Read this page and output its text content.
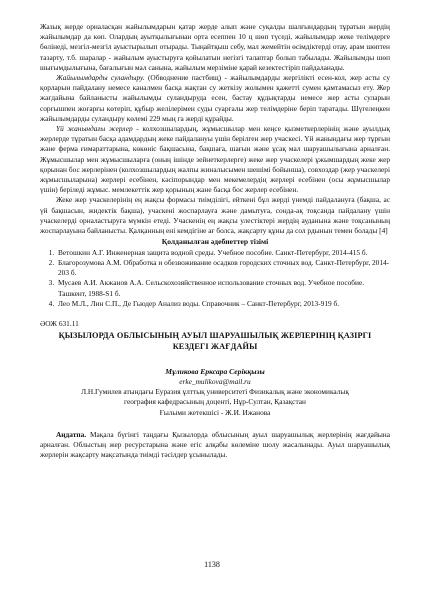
Жазық жерде орналасқан жайылымдарын қатар жерде алып және суқалды шалғындардың тұратын жердің жайылымдар да көп. Олардың ауытқылығынан орта есеппен 10 ц шөп түседі, жайылымдар жеке телімдерге бөлінеді, мезгіл-мезгіл ауыстырылып отырады. Тыңайтқыш себу, мал жемейтін өсімдіктерді отау, арам шөптен тазарту, т.б. шаралар - жайылым ауыстыруға қойылатын негізгі талаптар болып табылады. Жайылымды шөп шығымдылығына, бағалығын мал санына, жайылым мерзіміне қарай кезектестіріп пайдаланады.

Жайылымдарды суландыру. (Обводнение пастбищ) - жайылымдарды жергілікті есен-кол, жер асты су қорларын пайдалану немесе каналмен басқа жақтан су жеткізу жолымен қажетті сумен қамтамасыз ету. Жер жағдайына байланысты жайылымды суландыруда есен, бастау құдықтарды немесе жер асты суларын сорғышпен жоғарғы көтеріп, құбыр желілерімен суды суарғалы жер телімдеріне беріп таратады. Шүгелеңкен жайылымдарды суландыру көлемі 229 мың га жерді құрайды.

Үй жанындағы жерлер - колхозшылардың, жұмысшылар мен кеңсе қызметкерлерінің және ауылдық жерлерде тұратын басқа адамдардың жеке пайдалануы үшін берілген жер учаскесі. Үй жанындағы жер тұрғын және ферма ғимараттарына, көкөніс бақшасына, бақшаға, шағын және ұсақ мал шаруашылығына арналған. Жұмысшылар мен жұмысшыларға (оның ішінде зейнеткерлерге) жеке жер учаскелері ұжымшардың жеке жер қорынан бос жерлерінен (колхозшылардың жалпы жиналысымен шешімі бойынша), совхоздар (жер учаскелері жұмысшыларына) жерлері есебінен, кәсіпорындар мен мекемелердің жерлері есебінен (осы жұмысшылар үшін) беріледі жұмыс. мемлекеттік жер қорының жане басқа бос жерлер есебінен.

Жеке жер учаскелерінің ең жақсы формасы тиімділігі, ейткені бұл жерді үнемді пайдалануға (бақша, ас үй бақшасын, жидектік бақша), учаскені жоспарлауға және дамытуға, сонда-ақ тоқсанда пайдалану үшін учаскелерді орналастыруға мүмкін етеді. Учаскенің ең жақсы улестіктері жердің ауданына және тоқсанының жоспарлауына байланысты. Қалқанның ені кемдігіне ағ болса, жақсарту құны да сол рдынын темен болады [4]

Қолданылған әдебиеттер тізімі
1. Ветошкин А.Г. Инженерная защита водной среды. Учебное пособие. Санкт-Петербург, 2014-415 б.
2. Благорозумова А.М. Обработка и обезвоживание осадков городских сточных вод. Санкт-Петербург, 2014-203 б.
3. Мусаев А.И. Акжанов А.А. Сельскохозяйственное использование сточных вод. Учебное пособие. Ташкент, 1988-S1 б.
4. Лео М.Л., Лин С.П., Де Гьюдер Анализ воды. Справочник – Санкт-Петербург, 2013-919 б.
ӘОЖ 631.11
ҚЫЗЫЛОРДА ОБЛЫСЫНЫҢ АУЫЛ ШАРУАШЫЛЫҚ ЖЕРЛЕРІНІҢ ҚАЗІРГІ
КЕЗДЕГІ ЖАҒДАЙЫ
Мұликова Ерксара Серікқызы
erke_mulikova@mail.ru
Л.Н.Гумилев атындағы Еуразия ұлттық университеті Физикалық және экономикалық
география кафедрасының доценті, Нұр-Султан, Қазақстан
Ғылыми жетекшісі - Ж.И. Ижанова

Аңдатпа. Мақала бүгінгі таңдағы Қызылорда облысының ауыл шаруашылық жерлерінің жағдайына арналған. Облыстың жер ресурстарына және егіс алқабы көлеміне шолу жасалынады. Ауыл шаруашылық жерлерін жақсарту мақсатында тиімді тәсілдер ұсынылады.

1138
